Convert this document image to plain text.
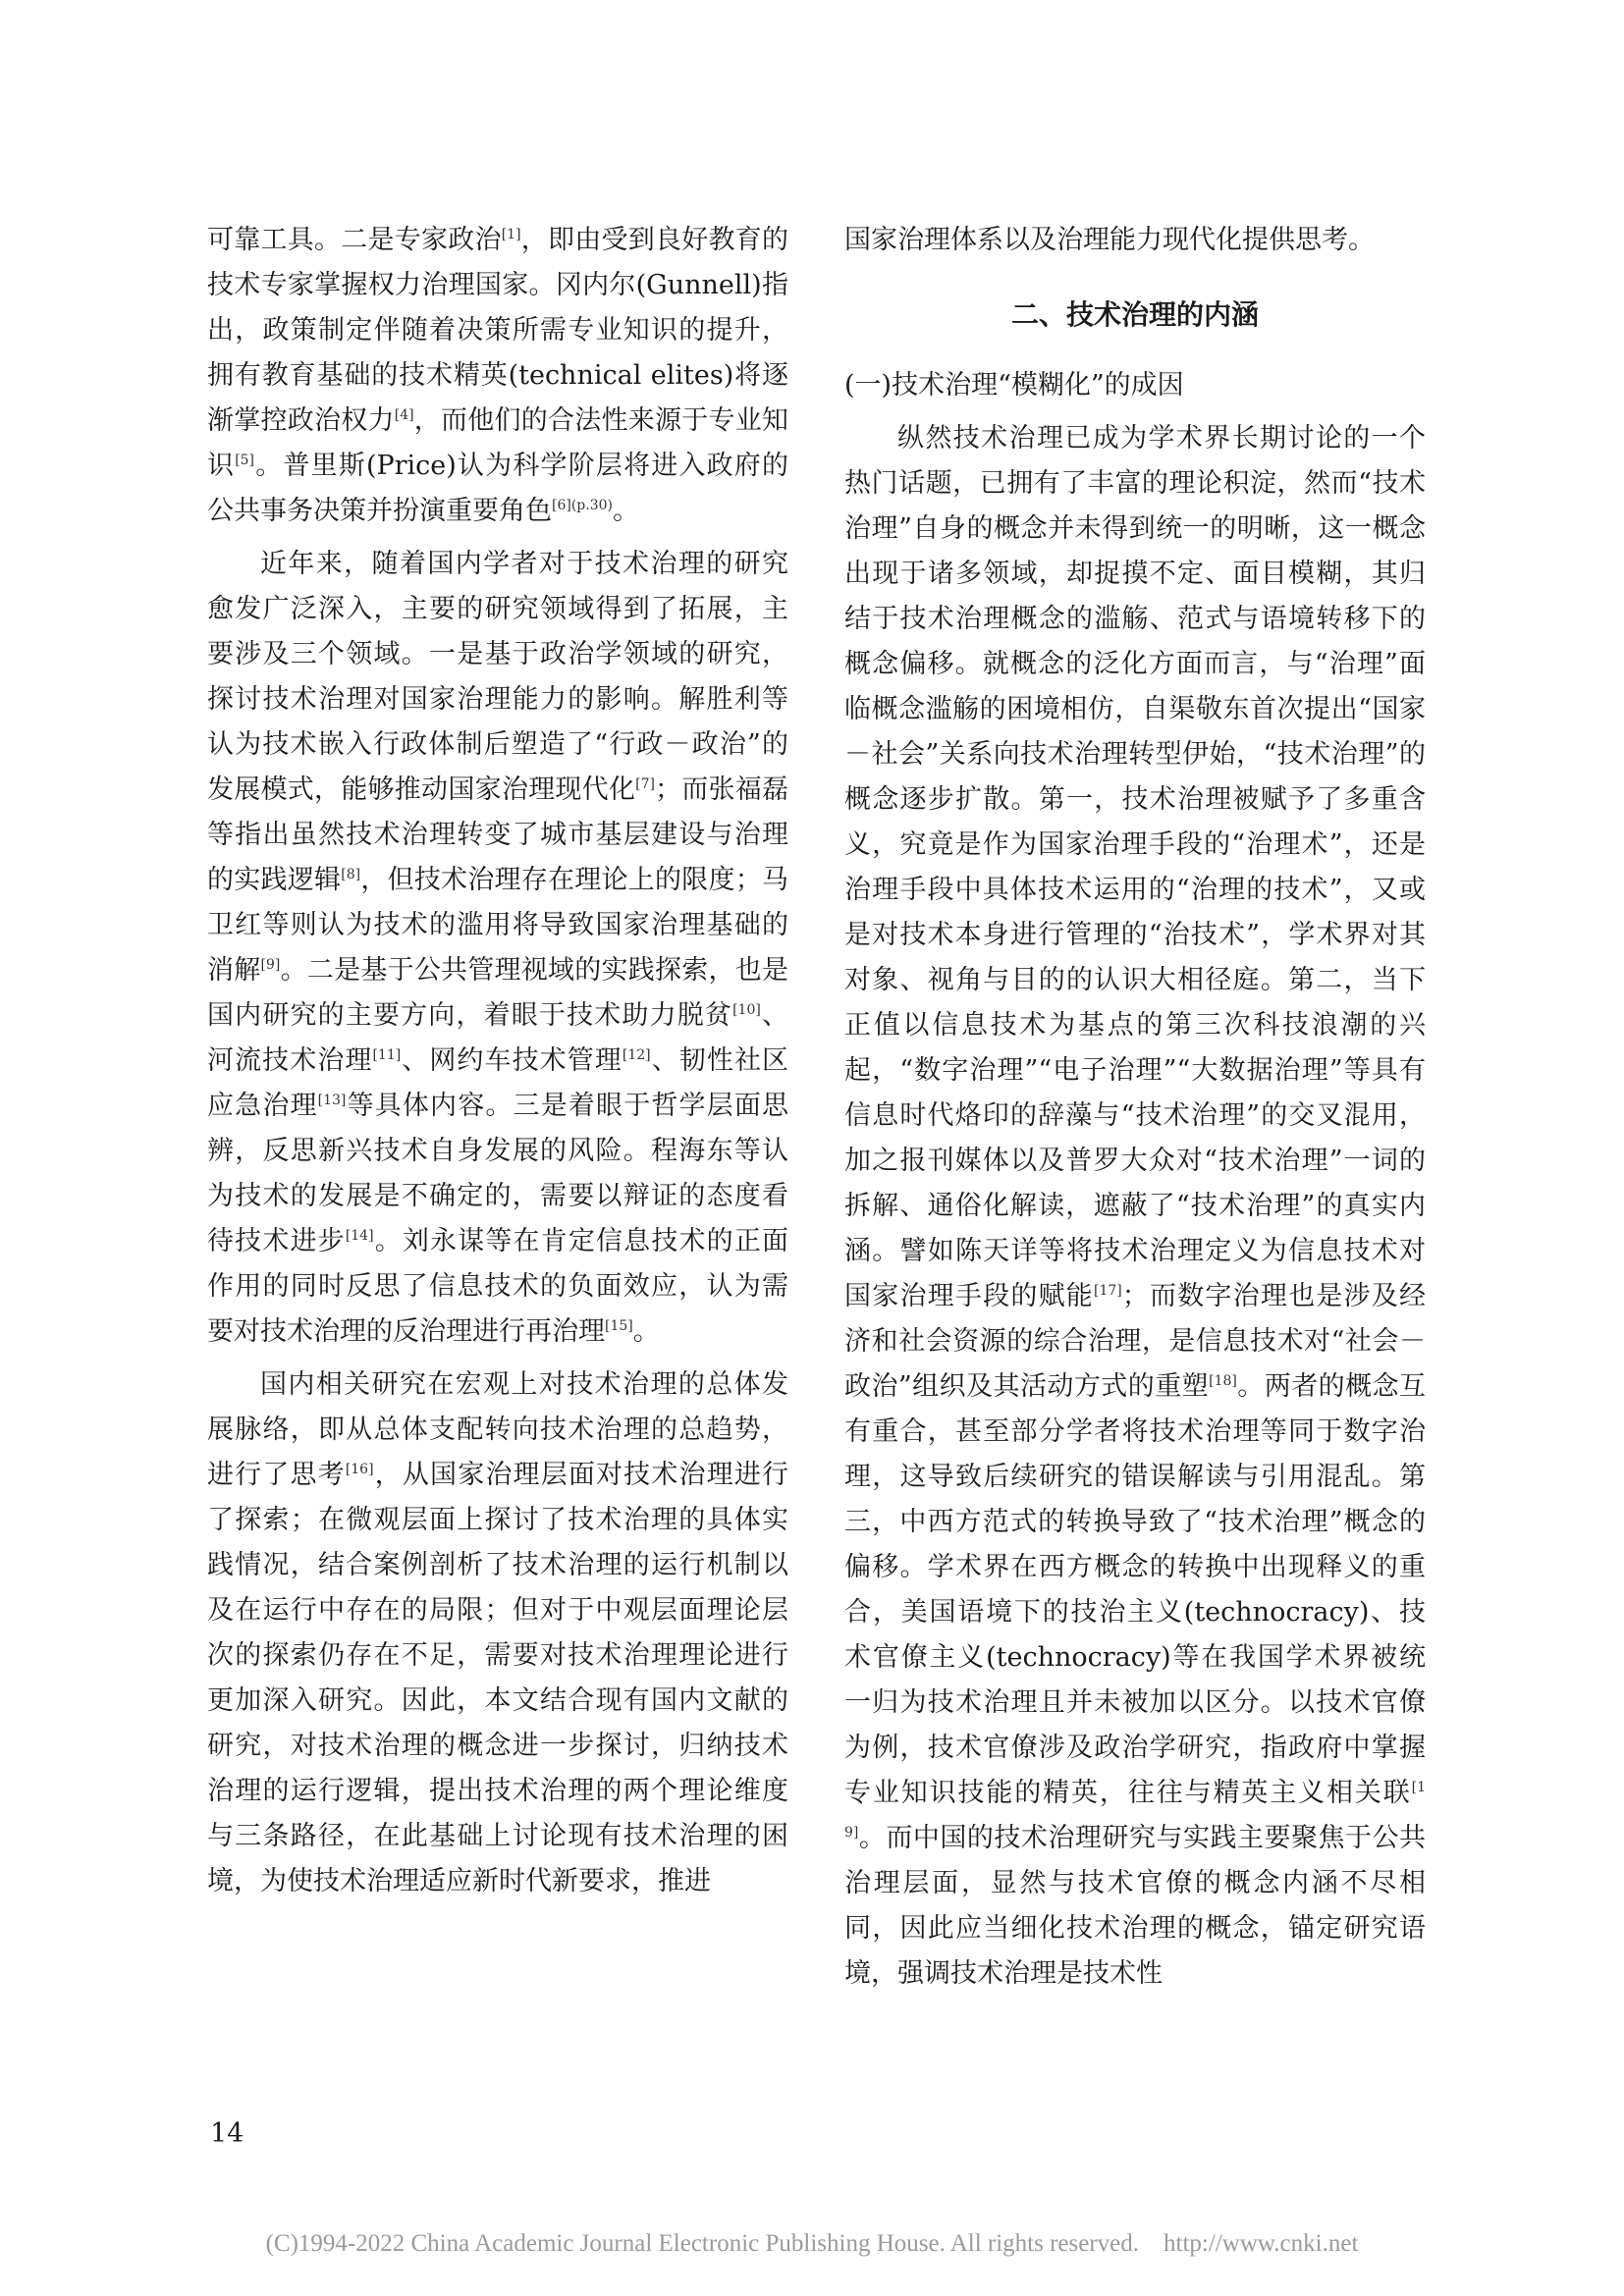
可靠工具。二是专家政治[1]，即由受到良好教育的技术专家掌握权力治理国家。冈内尔(Gunnell)指出，政策制定伴随着决策所需专业知识的提升，拥有教育基础的技术精英(technical elites)将逐渐掌控政治权力[4]，而他们的合法性来源于专业知识[5]。普里斯(Price)认为科学阶层将进入政府的公共事务决策并扮演重要角色$^{[6](p.30)}$。

近年来，随着国内学者对于技术治理的研究愈发广泛深入，主要的研究领域得到了拓展，主要涉及三个领域。一是基于政治学领域的研究，探讨技术治理对国家治理能力的影响。解胜利等认为技术嵌入行政体制后塑造了“行政－政治”的发展模式，能够推动国家治理现代化[7]；而张福磊等指出虽然技术治理转变了城市基层建设与治理的实践逻辑[8]，但技术治理存在理论上的限度；马卫红等则认为技术的滥用将导致国家治理基础的消解[9]。二是基于公共管理视域的实践探索，也是国内研究的主要方向，着眼于技术助力脱贫[10]、河流技术治理[11]、网约车技术管理[12]、韧性社区应急治理[13]等具体内容。三是着眼于哲学层面思辨，反思新兴技术自身发展的风险。程海东等认为技术的发展是不确定的，需要以辩证的态度看待技术进步[14]。刘永谋等在肯定信息技术的正面作用的同时反思了信息技术的负面效应，认为需要对技术治理的反治理进行再治理[15]。

国内相关研究在宏观上对技术治理的总体发展脉络，即从总体支配转向技术治理的总趋势，进行了思考[16]，从国家治理层面对技术治理进行了探索；在微观层面上探讨了技术治理的具体实践情况，结合案例剖析了技术治理的运行机制以及在运行中存在的局限；但对于中观层面理论层次的探索仍存在不足，需要对技术治理理论进行更加深入研究。因此，本文结合现有国内文献的研究，对技术治理的概念进一步探讨，归纳技术治理的运行逻辑，提出技术治理的两个理论维度与三条路径，在此基础上讨论现有技术治理的困境，为使技术治理适应新时代新要求，推进

国家治理体系以及治理能力现代化提供思考。

二、技术治理的内涵

(一)技术治理“模糊化”的成因

纵然技术治理已成为学术界长期讨论的一个热门话题，已拥有了丰富的理论积淀，然而“技术治理”自身的概念并未得到统一的明晰，这一概念出现于诸多领域，却捉摸不定、面目模糊，其归结于技术治理概念的滥觞、范式与语境转移下的概念偏移。就概念的泛化方面而言，与“治理”面临概念滥觞的困境相仿，自渠敬东首次提出“国家－社会”关系向技术治理转型伊始，“技术治理”的概念逐步扩散。第一，技术治理被赋予了多重含义，究竟是作为国家治理手段的“治理术”，还是治理手段中具体技术运用的“治理的技术”，又或是对技术本身进行管理的“治技术”，学术界对其对象、视角与目的的认识大相径庭。第二，当下正值以信息技术为基点的第三次科技浪潮的兴起，“数字治理”“电子治理”“大数据治理”等具有信息时代烙印的辞藻与“技术治理”的交叉混用，加之报刊媒体以及普罗大众对“技术治理”一词的拆解、通俗化解读，遮蔽了“技术治理”的真实内涵。譬如陈天详等将技术治理定义为信息技术对国家治理手段的赋能[17]；而数字治理也是涉及经济和社会资源的综合治理，是信息技术对“社会－政治”组织及其活动方式的重塑[18]。两者的概念互有重合，甚至部分学者将技术治理等同于数字治理，这导致后续研究的错误解读与引用混乱。第三，中西方范式的转换导致了“技术治理”概念的偏移。学术界在西方概念的转换中出现释义的重合，美国语境下的技治主义(technocracy)、技术官僚主义(technocracy)等在我国学术界被统一归为技术治理且并未被加以区分。以技术官僚为例，技术官僚涉及政治学研究，指政府中掌握专业知识技能的精英，往往与精英主义相关联[19]。而中国的技术治理研究与实践主要聚焦于公共治理层面，显然与技术官僚的概念内涵不尽相同，因此应当细化技术治理的概念，锚定研究语境，强调技术治理是技术性

14
(C)1994-2022 China Academic Journal Electronic Publishing House. All rights reserved. http://www.cnki.net
